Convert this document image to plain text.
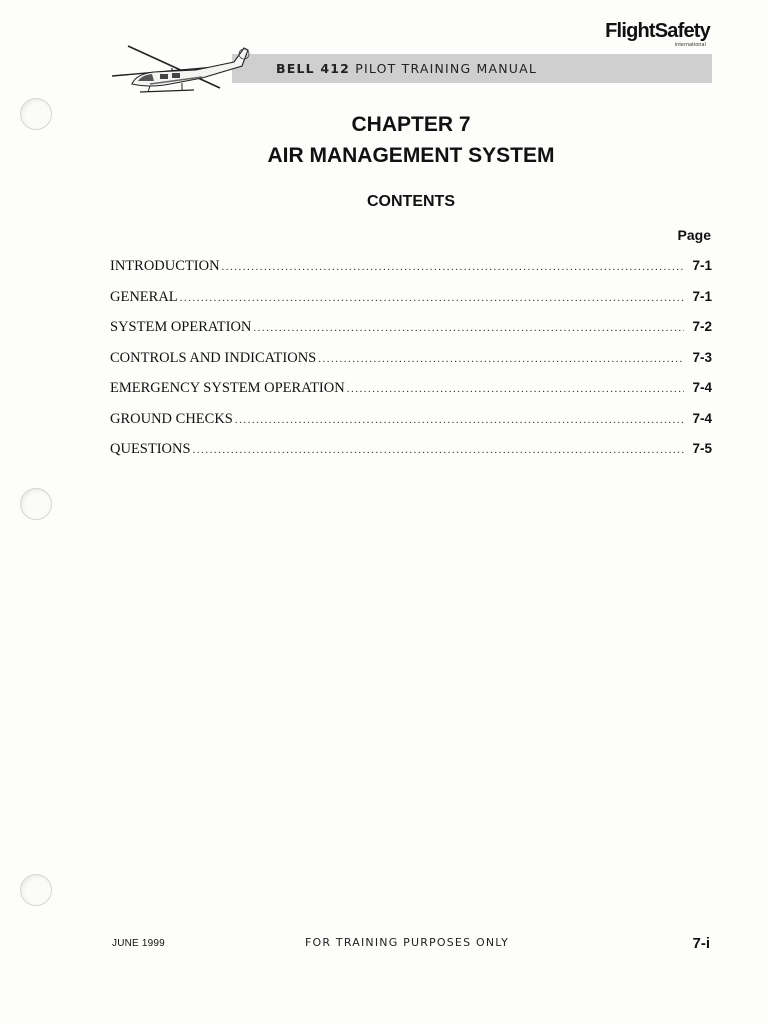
BELL 412 PILOT TRAINING MANUAL
FlightSafety
international
CHAPTER 7
AIR MANAGEMENT SYSTEM
CONTENTS
Page
INTRODUCTION .....	7-1
GENERAL .....	7-1
SYSTEM OPERATION .....	7-2
CONTROLS AND INDICATIONS .....	7-3
EMERGENCY SYSTEM OPERATION .....	7-4
GROUND CHECKS .....	7-4
QUESTIONS .....	7-5
JUNE 1999	FOR TRAINING PURPOSES ONLY	7-i
